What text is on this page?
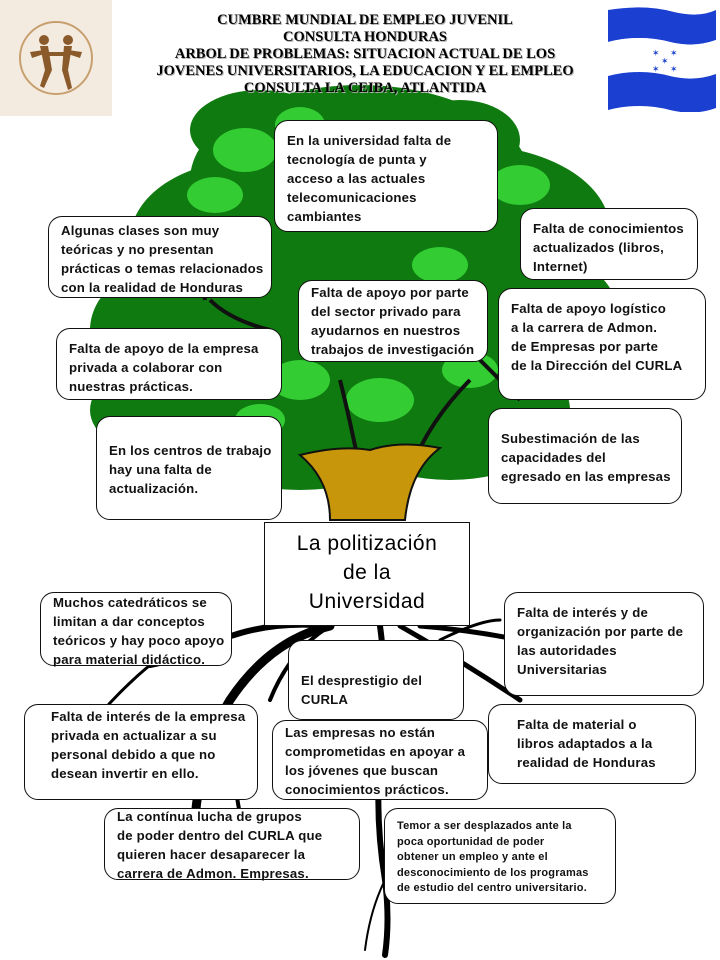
✶ ✶
✶
✶ ✶
CUMBRE MUNDIAL DE EMPLEO JUVENIL
CONSULTA HONDURAS
ARBOL DE PROBLEMAS: SITUACION ACTUAL DE LOS
JOVENES UNIVERSITARIOS, LA EDUCACION Y EL EMPLEO
CONSULTA LA CEIBA, ATLANTIDA
En la universidad falta de
tecnología de punta y
acceso a las actuales
telecomunicaciones
cambiantes
Algunas clases son muy
teóricas y no presentan
prácticas o temas relacionados
con la realidad de Honduras
Falta de conocimientos
actualizados (libros,
Internet)
Falta de apoyo por parte
del sector privado para
ayudarnos en nuestros
trabajos de investigación
Falta de apoyo logístico
a la carrera de Admon.
de Empresas por parte
de la Dirección del CURLA
Falta de apoyo de la empresa
privada a colaborar con
nuestras prácticas.
En los centros de trabajo
hay una falta de
actualización.
Subestimación de las
capacidades del
egresado en las empresas
La politización
de la
Universidad
Muchos catedráticos se
limitan a dar conceptos
teóricos y hay poco apoyo
para material didáctico.
Falta de interés y de
organización por parte de
las autoridades
Universitarias
El desprestigio del
CURLA
Falta de interés de la empresa
privada en actualizar a su
personal debido a que no
desean invertir en ello.
Las empresas no están
comprometidas en apoyar a
los jóvenes que buscan
conocimientos prácticos.
Falta de material o
libros adaptados a la
realidad de Honduras
La contínua lucha de grupos
de poder dentro del CURLA que
quieren hacer desaparecer la
carrera de Admon. Empresas.
Temor a ser desplazados ante la
poca oportunidad de poder
obtener un empleo y ante el
desconocimiento de los programas
de estudio del centro universitario.
